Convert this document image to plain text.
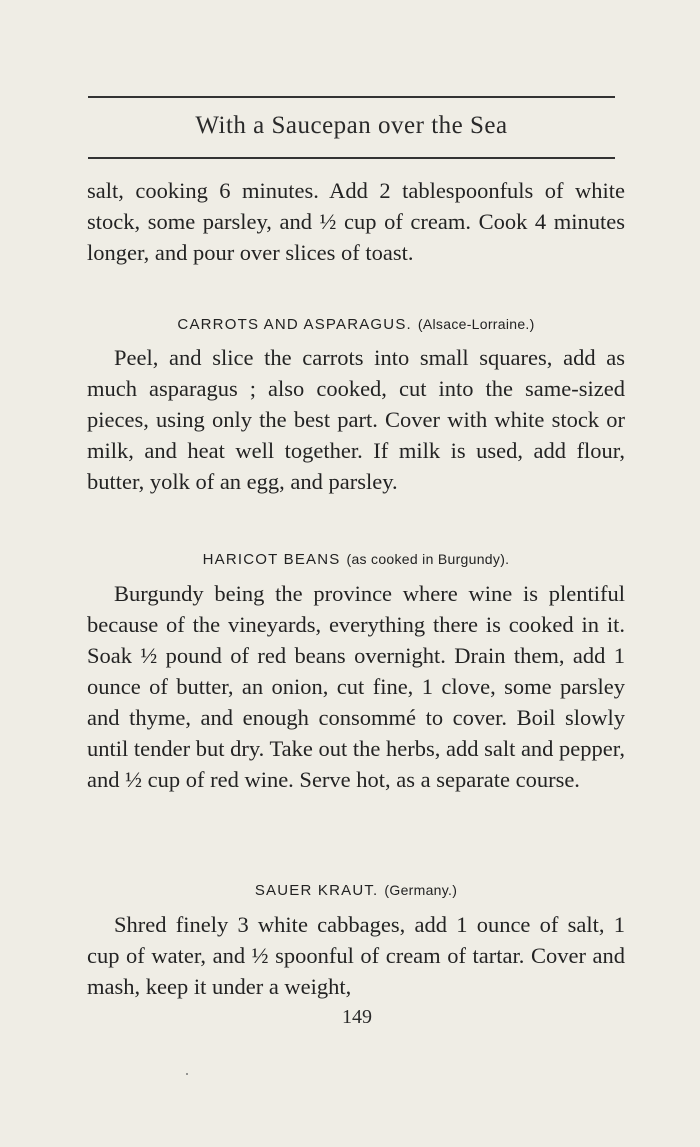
With a Saucepan over the Sea

salt, cooking 6 minutes. Add 2 tablespoonfuls of white stock, some parsley, and ½ cup of cream. Cook 4 minutes longer, and pour over slices of toast.

CARROTS AND ASPARAGUS. (Alsace-Lorraine.)

Peel, and slice the carrots into small squares, add as much asparagus ; also cooked, cut into the same-sized pieces, using only the best part. Cover with white stock or milk, and heat well together. If milk is used, add flour, butter, yolk of an egg, and parsley.

HARICOT BEANS (as cooked in Burgundy).

Burgundy being the province where wine is plentiful because of the vineyards, everything there is cooked in it. Soak ½ pound of red beans overnight. Drain them, add 1 ounce of butter, an onion, cut fine, 1 clove, some parsley and thyme, and enough consommé to cover. Boil slowly until tender but dry. Take out the herbs, add salt and pepper, and ½ cup of red wine. Serve hot, as a separate course.

SAUER KRAUT. (Germany.)

Shred finely 3 white cabbages, add 1 ounce of salt, 1 cup of water, and ½ spoonful of cream of tartar. Cover and mash, keep it under a weight,

149
